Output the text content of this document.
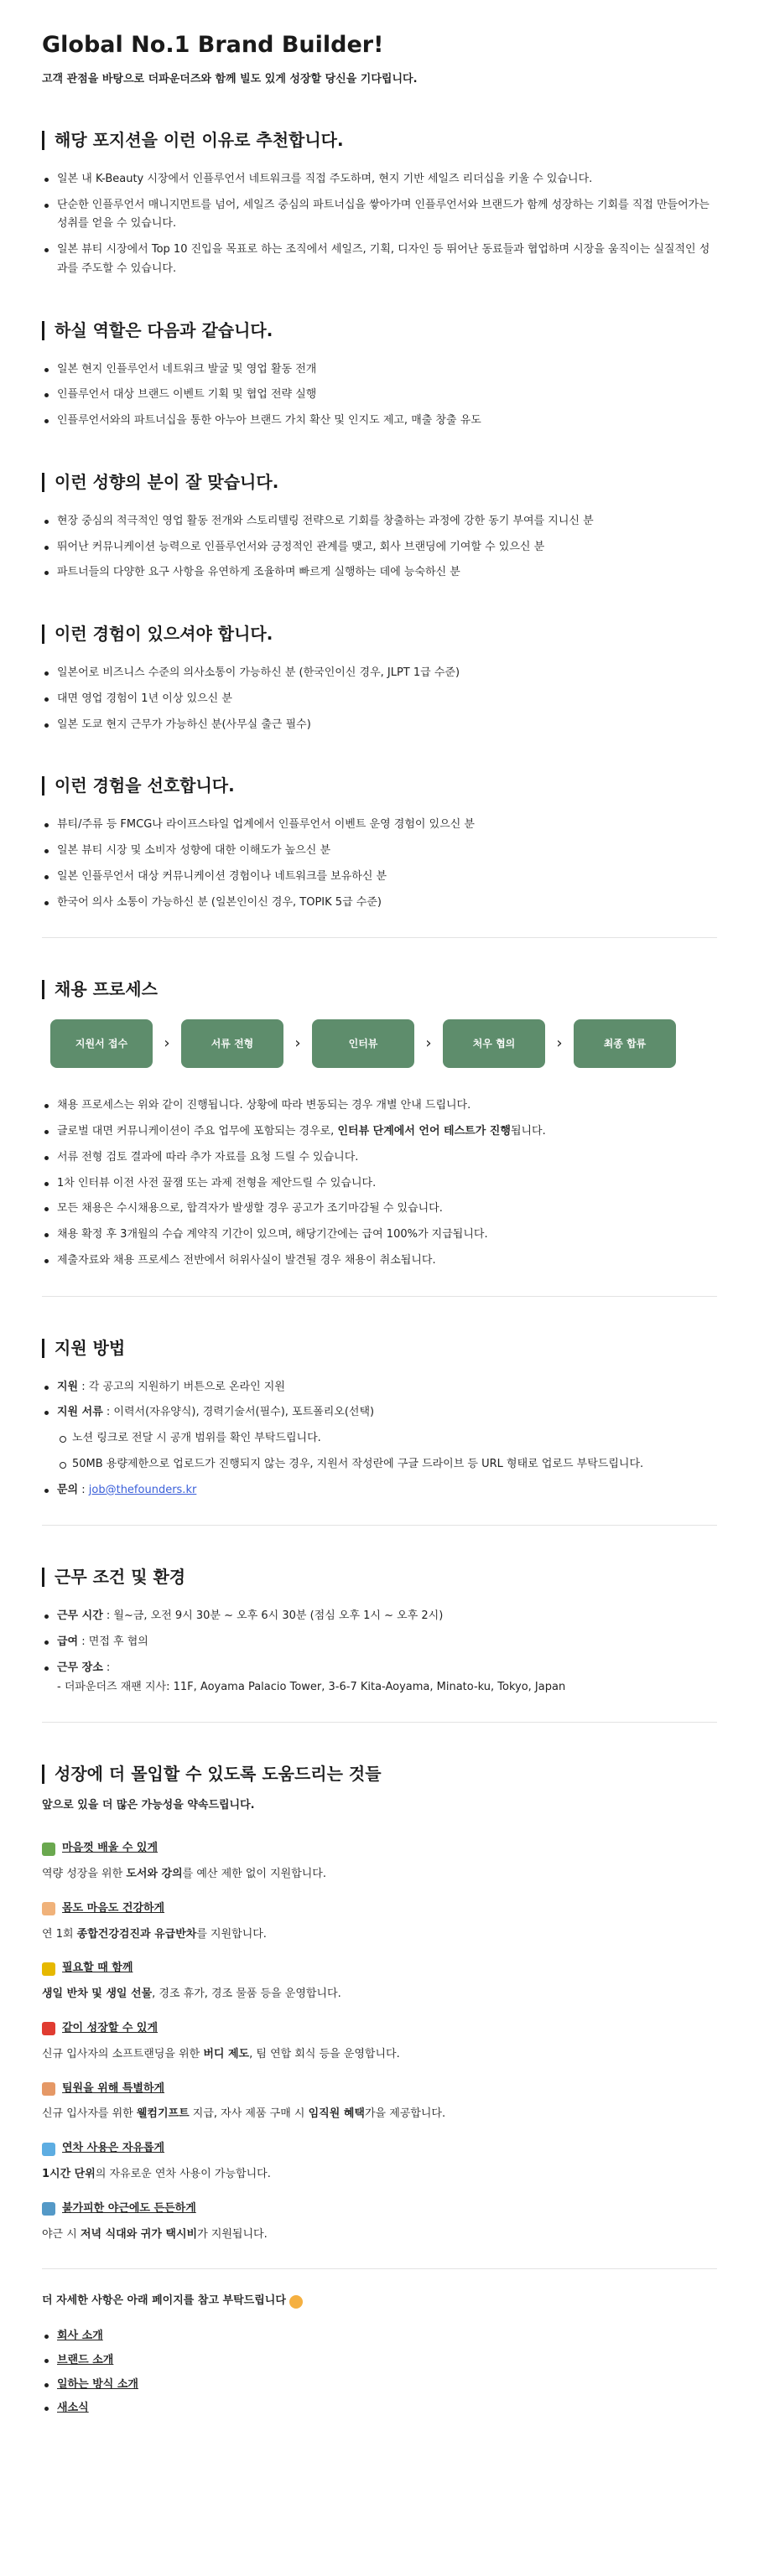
Global No.1 Brand Builder!

고객 관점을 바탕으로 더파운더즈와 함께 빌도 있게 성장할 당신을 기다립니다.

해당 포지션을 이런 이유로 추천합니다.
일본 내 K-Beauty 시장에서 인플루언서 네트워크를 직접 주도하며, 현지 기반 세일즈 리더십을 키울 수 있습니다.
단순한 인플루언서 매니지먼트를 넘어, 세일즈 중심의 파트너십을 쌓아가며 인플루언서와 브랜드가 함께 성장하는 기회를 직접 만들어가는 성취를 얻을 수 있습니다.
일본 뷰티 시장에서 Top 10 진입을 목표로 하는 조직에서 세일즈, 기획, 디자인 등 뛰어난 동료들과 협업하며 시장을 움직이는 실질적인 성과를 주도할 수 있습니다.
하실 역할은 다음과 같습니다.
일본 현지 인플루언서 네트워크 발굴 및 영업 활동 전개
인플루언서 대상 브랜드 이벤트 기획 및 협업 전략 실행
인플루언서와의 파트너십을 통한 아누아 브랜드 가치 확산 및 인지도 제고, 매출 창출 유도
이런 성향의 분이 잘 맞습니다.
현장 중심의 적극적인 영업 활동 전개와 스토리텔링 전략으로 기회를 창출하는 과정에 강한 동기 부여를 지니신 분
뛰어난 커뮤니케이션 능력으로 인플루언서와 긍정적인 관계를 맺고, 회사 브랜딩에 기여할 수 있으신 분
파트너들의 다양한 요구 사항을 유연하게 조율하며 빠르게 실행하는 데에 능숙하신 분
이런 경험이 있으셔야 합니다.
일본어로 비즈니스 수준의 의사소통이 가능하신 분 (한국인이신 경우, JLPT 1급 수준)
대면 영업 경험이 1년 이상 있으신 분
일본 도쿄 현지 근무가 가능하신 분(사무실 출근 필수)
이런 경험을 선호합니다.
뷰티/주류 등 FMCG나 라이프스타일 업계에서 인플루언서 이벤트 운영 경험이 있으신 분
일본 뷰티 시장 및 소비자 성향에 대한 이해도가 높으신 분
일본 인플루언서 대상 커뮤니케이션 경험이나 네트워크를 보유하신 분
한국어 의사 소통이 가능하신 분 (일본인이신 경우, TOPIK 5급 수준)
채용 프로세스
지원서 접수	›	서류 전형	›	인터뷰	›	처우 협의	›	최종 합류
채용 프로세스는 위와 같이 진행됩니다. 상황에 따라 변동되는 경우 개별 안내 드립니다.
글로벌 대면 커뮤니케이션이 주요 업무에 포함되는 경우로, 인터뷰 단계에서 언어 테스트가 진행됩니다.
서류 전형 검토 결과에 따라 추가 자료를 요청 드릴 수 있습니다.
1차 인터뷰 이전 사전 꿀잼 또는 과제 전형을 제안드릴 수 있습니다.
모든 채용은 수시채용으로, 합격자가 발생할 경우 공고가 조기마감될 수 있습니다.
채용 확정 후 3개월의 수습 계약직 기간이 있으며, 해당기간에는 급여 100%가 지급됩니다.
제출자료와 채용 프로세스 전반에서 허위사실이 발견될 경우 채용이 취소됩니다.
지원 방법
지원 : 각 공고의 지원하기 버튼으로 온라인 지원
지원 서류 : 이력서(자유양식), 경력기술서(필수), 포트폴리오(선택)
노션 링크로 전달 시 공개 범위를 확인 부탁드립니다.
50MB 용량제한으로 업로드가 진행되지 않는 경우, 지원서 작성란에 구글 드라이브 등 URL 형태로 업로드 부탁드립니다.
문의 : job@thefounders.kr
근무 조건 및 환경
근무 시간 : 월~금, 오전 9시 30분 ~ 오후 6시 30분 (점심 오후 1시 ~ 오후 2시)
급여 : 면접 후 협의
근무 장소 :
- 더파운더즈 재팬 지사: 11F, Aoyama Palacio Tower, 3-6-7 Kita-Aoyama, Minato-ku, Tokyo, Japan
성장에 더 몰입할 수 있도록 도움드리는 것들

앞으로 있을 더 많은 가능성을 약속드립니다.

마음껏 배울 수 있게

역량 성장을 위한 도서와 강의를 예산 제한 없이 지원합니다.

몸도 마음도 건강하게

연 1회 종합건강검진과 유급반차를 지원합니다.

필요할 때 함께

생일 반차 및 생일 선물, 경조 휴가, 경조 물품 등을 운영합니다.

같이 성장할 수 있게

신규 입사자의 소프트랜딩을 위한 버디 제도, 팀 연합 회식 등을 운영합니다.

팀원을 위해 특별하게

신규 입사자를 위한 웰컴기프트 지급, 자사 제품 구매 시 임직원 혜택가을 제공합니다.

연차 사용은 자유롭게

1시간 단위의 자유로운 연차 사용이 가능합니다.

불가피한 야근에도 든든하게

야근 시 저녁 식대와 귀가 택시비가 지원됩니다.

더 자세한 사항은 아래 페이지를 참고 부탁드립니다

회사 소개
브랜드 소개
일하는 방식 소개
새소식
